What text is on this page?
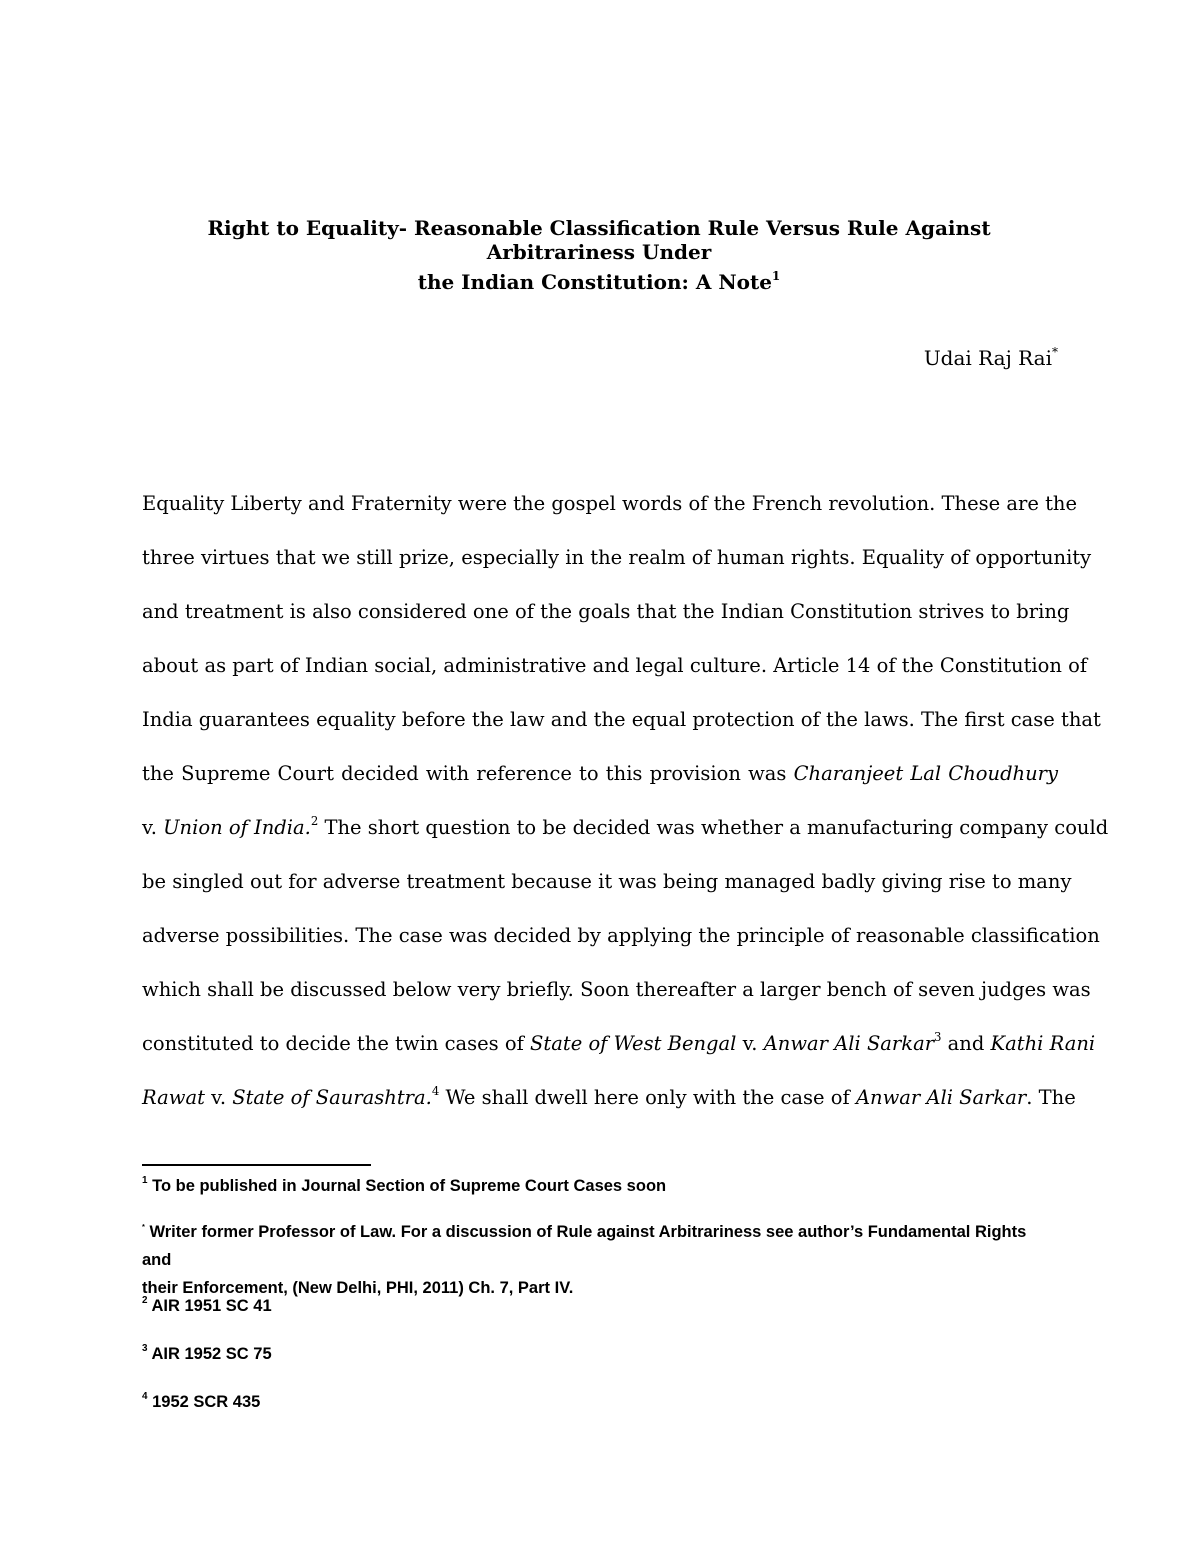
Right to Equality- Reasonable Classification Rule Versus Rule Against Arbitrariness Under
the Indian Constitution: A Note$^1$
Udai Raj Rai*
Equality Liberty and Fraternity were the gospel words of the French revolution. These are the
three virtues that we still prize, especially in the realm of human rights. Equality of opportunity
and treatment is also considered one of the goals that the Indian Constitution strives to bring
about as part of Indian social, administrative and legal culture. Article 14 of the Constitution of
India guarantees equality before the law and the equal protection of the laws. The first case that
the Supreme Court decided with reference to this provision was Charanjeet Lal Choudhury
v. Union of India.$^2$ The short question to be decided was whether a manufacturing company could
be singled out for adverse treatment because it was being managed badly giving rise to many
adverse possibilities. The case was decided by applying the principle of reasonable classification
which shall be discussed below very briefly. Soon thereafter a larger bench of seven judges was
constituted to decide the twin cases of State of West Bengal v. Anwar Ali Sarkar$^3$ and Kathi Rani
Rawat v. State of Saurashtra.$^4$ We shall dwell here only with the case of Anwar Ali Sarkar. The
$^1$ To be published in Journal Section of Supreme Court Cases soon
* Writer former Professor of Law. For a discussion of Rule against Arbitrariness see author’s Fundamental Rights and
their Enforcement, (New Delhi, PHI, 2011) Ch. 7, Part IV.
$^2$ AIR 1951 SC 41
$^3$ AIR 1952 SC 75
$^4$ 1952 SCR 435
